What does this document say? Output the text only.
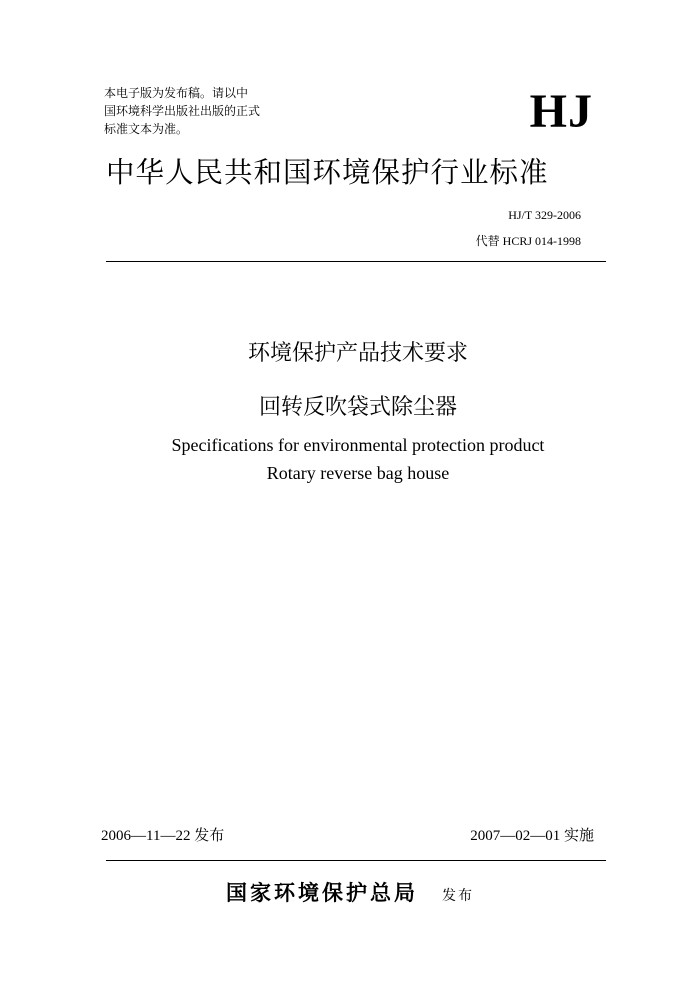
本电子版为发布稿。请以中
国环境科学出版社出版的正式
标准文本为准。	HJ
中华人民共和国环境保护行业标准
HJ/T 329-2006
代替 HCRJ 014-1998
环境保护产品技术要求
回转反吹袋式除尘器
Specifications for environmental protection product
Rotary reverse bag house
2006—11—22 发布	2007—02—01 实施
国家环境保护总局 发布
